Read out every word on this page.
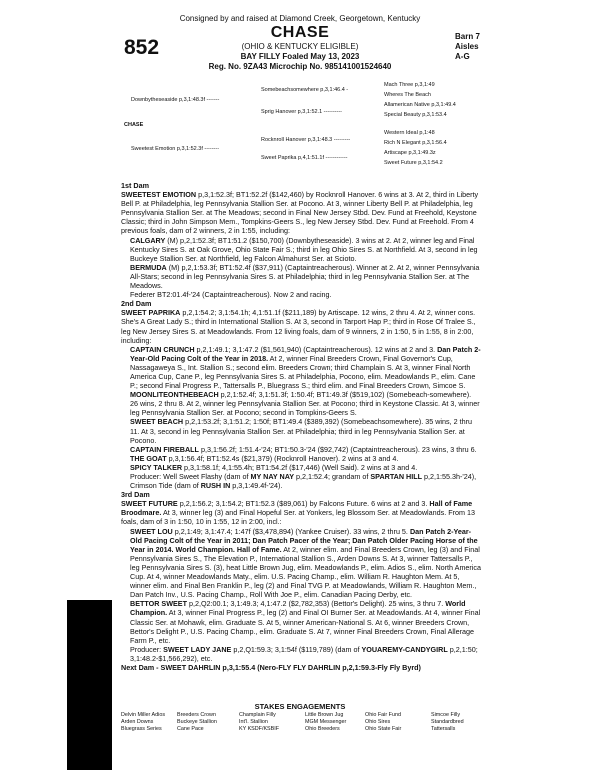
Consigned by and raised at Diamond Creek, Georgetown, Kentucky
852
CHASE
(OHIO & KENTUCKY ELIGIBLE)
BAY FILLY Foaled May 13, 2023
Reg. No. 9ZA43 Microchip No. 985141001524640
Barn 7
Aisles
A-G
Downbytheseaside p,3,1:48.3f -------
Somebeachsomewhere p,3,1:46.4 -
Sprig Hanover p,3,1:52.1 ----------
Mach Three p,3,1:49
Wheres The Beach
Allamerican Native p,3,1:49.4
Special Beauty p,3,1:53.4
CHASE
Sweetest Emotion p,3,1:52.3f --------
Rocknroll Hanover p,3,1:48.3 ---------
Sweet Paprika p,4,1:51.1f ------------
Western Ideal p,1:48
Rich N Elegant p,3,1:56.4
Artiscape p,3,1:49.3z
Sweet Future p,3,1:54.2

1st Dam

SWEETEST EMOTION p,3,1:52.3f; BT1:52.2f ($142,460) by Rocknroll Hanover. 6 wins at 3. At 2, third in Liberty Bell P. at Philadelphia, leg Pennsylvania Stallion Ser. at Pocono. At 3, winner Liberty Bell P. at Philadelphia, leg Pennsylvania Stallion Ser. at The Meadows; second in Final New Jersey Stbd. Dev. Fund at Freehold, Keystone Classic; third in John Simpson Mem., Tompkins-Geers S., leg New Jersey Stbd. Dev. Fund at Freehold. From 4 previous foals, dam of 2 winners, 2 in 1:55, including:

CALGARY (M) p,2,1:52.3f; BT1:51.2 ($150,700) (Downbytheseaside). 3 wins at 2. At 2, winner leg and Final Kentucky Sires S. at Oak Grove, Ohio State Fair S.; third in leg Ohio Sires S. at Northfield. At 3, second in leg Buckeye Stallion Ser. at Northfield, leg Falcon Almahurst Ser. at Scioto.

BERMUDA (M) p,2,1:53.3f; BT1:52.4f ($37,911) (Captaintreacherous). Winner at 2. At 2, winner Pennsylvania All-Stars; second in leg Pennsylvania Sires S. at Philadelphia; third in leg Pennsylvania Stallion Ser. at The Meadows.

Federer BT2:01.4f-'24 (Captaintreacherous). Now 2 and racing.

2nd Dam

SWEET PAPRIKA p,2,1:54.2; 3,1:54.1h; 4,1:51.1f ($211,189) by Artiscape. 12 wins, 2 thru 4. At 2, winner cons. She's A Great Lady S.; third in International Stallion S. At 3, second in Tarport Hap P.; third in Rose Of Tralee S., leg New Jersey Sires S. at Meadowlands. From 12 living foals, dam of 9 winners, 2 in 1:50, 5 in 1:55, 8 in 2:00, including:

CAPTAIN CRUNCH p,2,1:49.1; 3,1:47.2 ($1,561,940) (Captaintreacherous). 12 wins at 2 and 3. Dan Patch 2-Year-Old Pacing Colt of the Year in 2018. At 2, winner Final Breeders Crown, Final Governor's Cup, Nassagaweya S., Int. Stallion S.; second elim. Breeders Crown; third Champlain S. At 3, winner Final North America Cup, Cane P., leg Pennsylvania Sires S. at Philadelphia, Pocono, elim. Meadowlands P., elim. Cane P.; second Final Progress P., Tattersalls P., Bluegrass S.; third elim. and Final Breeders Crown, Simcoe S.

MOONLITEONTHEBEACH p,2,1:52.4f; 3,1:51.3f; 1:50.4f; BT1:49.3f ($519,102) (Somebeach-somewhere). 26 wins, 2 thru 8. At 2, winner leg Pennsylvania Stallion Ser. at Pocono; third in Keystone Classic. At 3, winner leg Pennsylvania Stallion Ser. at Pocono; second in Tompkins-Geers S.

SWEET BEACH p,2,1:53.2f; 3,1:51.2; 1:50f; BT1:49.4 ($389,392) (Somebeachsomewhere). 35 wins, 2 thru 11. At 3, second in leg Pennsylvania Stallion Ser. at Philadelphia; third in leg Pennsylvania Stallion Ser. at Pocono.

CAPTAIN FIREBALL p,3,1:56.2f; 1:51.4-'24; BT1:50.3-'24 ($92,742) (Captaintreacherous). 23 wins, 3 thru 6.

THE GOAT p,3,1:56.4f; BT1:52.4s ($21,379) (Rocknroll Hanover). 2 wins at 3 and 4.

SPICY TALKER p,3,1:58.1f; 4,1:55.4h; BT1:54.2f ($17,446) (Well Said). 2 wins at 3 and 4.

Producer: Well Sweet Flashy (dam of MY NAY NAY p,2,1:52.4; grandam of SPARTAN HILL p,2,1:55.3h-'24), Crimson Tide (dam of RUSH IN p,3,1:49.4f-'24).

3rd Dam

SWEET FUTURE p,2,1:56.2; 3,1:54.2; BT1:52.3 ($89,061) by Falcons Future. 6 wins at 2 and 3. Hall of Fame Broodmare. At 3, winner leg (3) and Final Hopeful Ser. at Yonkers, leg Blossom Ser. at Meadowlands. From 13 foals, dam of 3 in 1:50, 10 in 1:55, 12 in 2:00, incl.:

SWEET LOU p,2,1:49; 3,1:47.4; 1:47f ($3,478,894) (Yankee Cruiser). 33 wins, 2 thru 5. Dan Patch 2-Year-Old Pacing Colt of the Year in 2011; Dan Patch Pacer of the Year; Dan Patch Older Pacing Horse of the Year in 2014. World Champion. Hall of Fame. At 2, winner elim. and Final Breeders Crown, leg (3) and Final Pennsylvania Sires S., The Elevation P., International Stallion S., Arden Downs S. At 3, winner Tattersalls P., leg Pennsylvania Sires S. (3), heat Little Brown Jug, elim. Meadowlands P., elim. Adios S., elim. North America Cup. At 4, winner Meadowlands Maty., elim. U.S. Pacing Champ., elim. William R. Haughton Mem. At 5, winner elim. and Final Ben Franklin P., leg (2) and Final TVG P. at Meadowlands, William R. Haughton Mem., Dan Patch Inv., U.S. Pacing Champ., Roll With Joe P., elim. Canadian Pacing Derby, etc.

BETTOR SWEET p,2,Q2:00.1; 3,1:49.3; 4,1:47.2 ($2,782,353) (Bettor's Delight). 25 wins, 3 thru 7. World Champion. At 3, winner Final Progress P., leg (2) and Final OI Burner Ser. at Meadowlands. At 4, winner Final Classic Ser. at Mohawk, elim. Graduate S. At 5, winner American-National S. At 6, winner Breeders Crown, Bettor's Delight P., U.S. Pacing Champ., elim. Graduate S. At 7, winner Final Breeders Crown, Final Allerage Farm P., etc.

Producer: SWEET LADY JANE p,2,Q1:59.3; 3,1:54f ($119,789) (dam of YOUAREMY-CANDYGIRL p,2,1:50; 3,1:48.2-$1,566,292), etc.

Next Dam - SWEET DAHRLIN p,3,1:55.4 (Nero-FLY FLY DAHRLIN p,2,1:59.3-Fly Fly Byrd)

STAKES ENGAGEMENTS
Delvin Miller Adios	Breeders Crown	Champlain Filly	Little Brown Jug	Ohio Fair Fund	Simcoe Filly
Arden Downs	Buckeye Stallion	Int'l. Stallion	MGM Messenger	Ohio Sires	Standardbred
Bluegrass Series	Cane Pace	KY KSDF/KSBIF	Ohio Breeders	Ohio State Fair	Tattersalls
